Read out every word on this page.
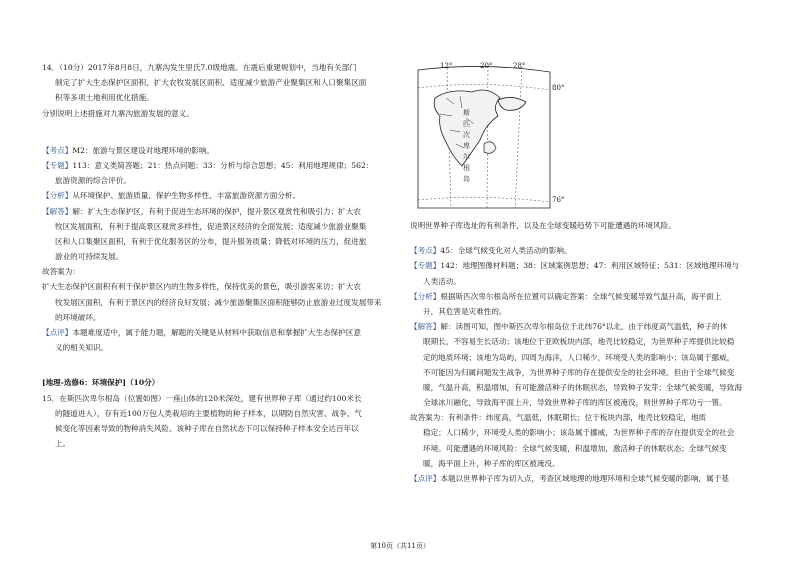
14．（10分）2017年8月8日，九寨沟发生里氏7.0级地震。在震后重建规划中，当地有关部门
制定了扩大生态保护区面积、扩大农牧发展区面积、适度减少旅游产业聚集区和人口聚集区面
积等多项土地利用优化措施。
分别说明上述措施对九寨沟旅游发展的意义。
【考点】M2：旅游与景区建设对地理环境的影响。
【专题】113：意义类简答题；21：热点问题；33：分析与综合思想；45：利用地理规律；562：
旅游资源的综合评价。
【分析】从环境保护、旅游质量、保护生物多样性、丰富旅游资源方面分析。
【解答】解：扩大生态保护区，有利于促进生态环境的保护，提升景区观赏性和吸引力；扩大农
牧区发展面积，有利于提高景区观赏多样性，促进景区经济的全面发展；适度减少旅游业聚集
区和人口集聚区面积，有利于优化服务区的分布，提升服务质量；降低对环境的压力，促进旅
游业的可持续发展。
故答案为：
扩大生态保护区面积有利于保护景区内的生物多样性，保持优美的景色，吸引游客来访；扩大农
牧发展区面积，有利于景区内的经济良好发展；减少旅游聚集区面积能够防止旅游业过度发展带来
的环境破坏。
【点评】本题难度适中，属于能力题，解题的关键是从材料中获取信息和掌握扩大生态保护区意
义的相关知识。
[地理-选修6：环境保护]（10分）
15．在斯匹次卑尔根岛（位置如图）一座山体的120米深处，建有世界种子库（通过约100米长
的隧道进入），存有近100万包人类栽培的主要植物的种子样本，以期防自然灾害、战争、气
候变化等因素导致的物种消失风险。该种子库在自然状态下可以保持种子样本安全达百年以
上。
12°	20°	28°
80°
76°
斯
匹
次
卑
尔
根
岛
说明世界种子库选址的有利条件，以及在全球变暖趋势下可能遭遇的环境风险。
【考点】45：全球气候变化对人类活动的影响。
【专题】142：地理图像材料题；38：区域案例思想；47：利用区域特征；531：区域地理环境与
人类活动。
【分析】根据斯匹次卑尔根岛所在位置可以确定答案：全球气候变暖导致气温升高，海平面上
升，其危害是灾难性的。
【解答】解：读图可知，图中斯匹次卑尔根岛位于北纬76°以北，由于纬度高气温低，种子的休
眠期长，不容易生长话动；该地位于亚欧板块内部，地壳比较稳定，为世界种子库提供比较稳
定的地质环境；该地为岛屿，四周为海洋，人口稀少，环境受人类的影响小；该岛属于挪威，
不可能因为归属问题发生战争，为世界种子库的存在提供安全的社会环境。但由于全球气候变
暖，气温升高，积温增加，有可能激活种子的休眠状态，导致种子发芽；全球气候变暖，导致海
全球冰川融化，导致海平面上升，导致世界种子库的库区被淹没，则世界种子库功亏一篑。
故答案为：有利条件：纬度高，气温低，休眠期长；位于板块内部，地壳比较稳定，地质
稳定；人口稀少，环境受人类的影响小；该岛属于挪威，为世界种子库的存在提供安全的社会
环境。可能遭遇的环境风险：全球气候变暖，积温增加，激活种子的休眠状态；全球气候变
暖，海平面上升，种子库的库区被淹没。
【点评】本题以世界种子库为切入点，考查区域地理的地理环境和全球气候变暖的影响，属于基
第10页（共11页）
